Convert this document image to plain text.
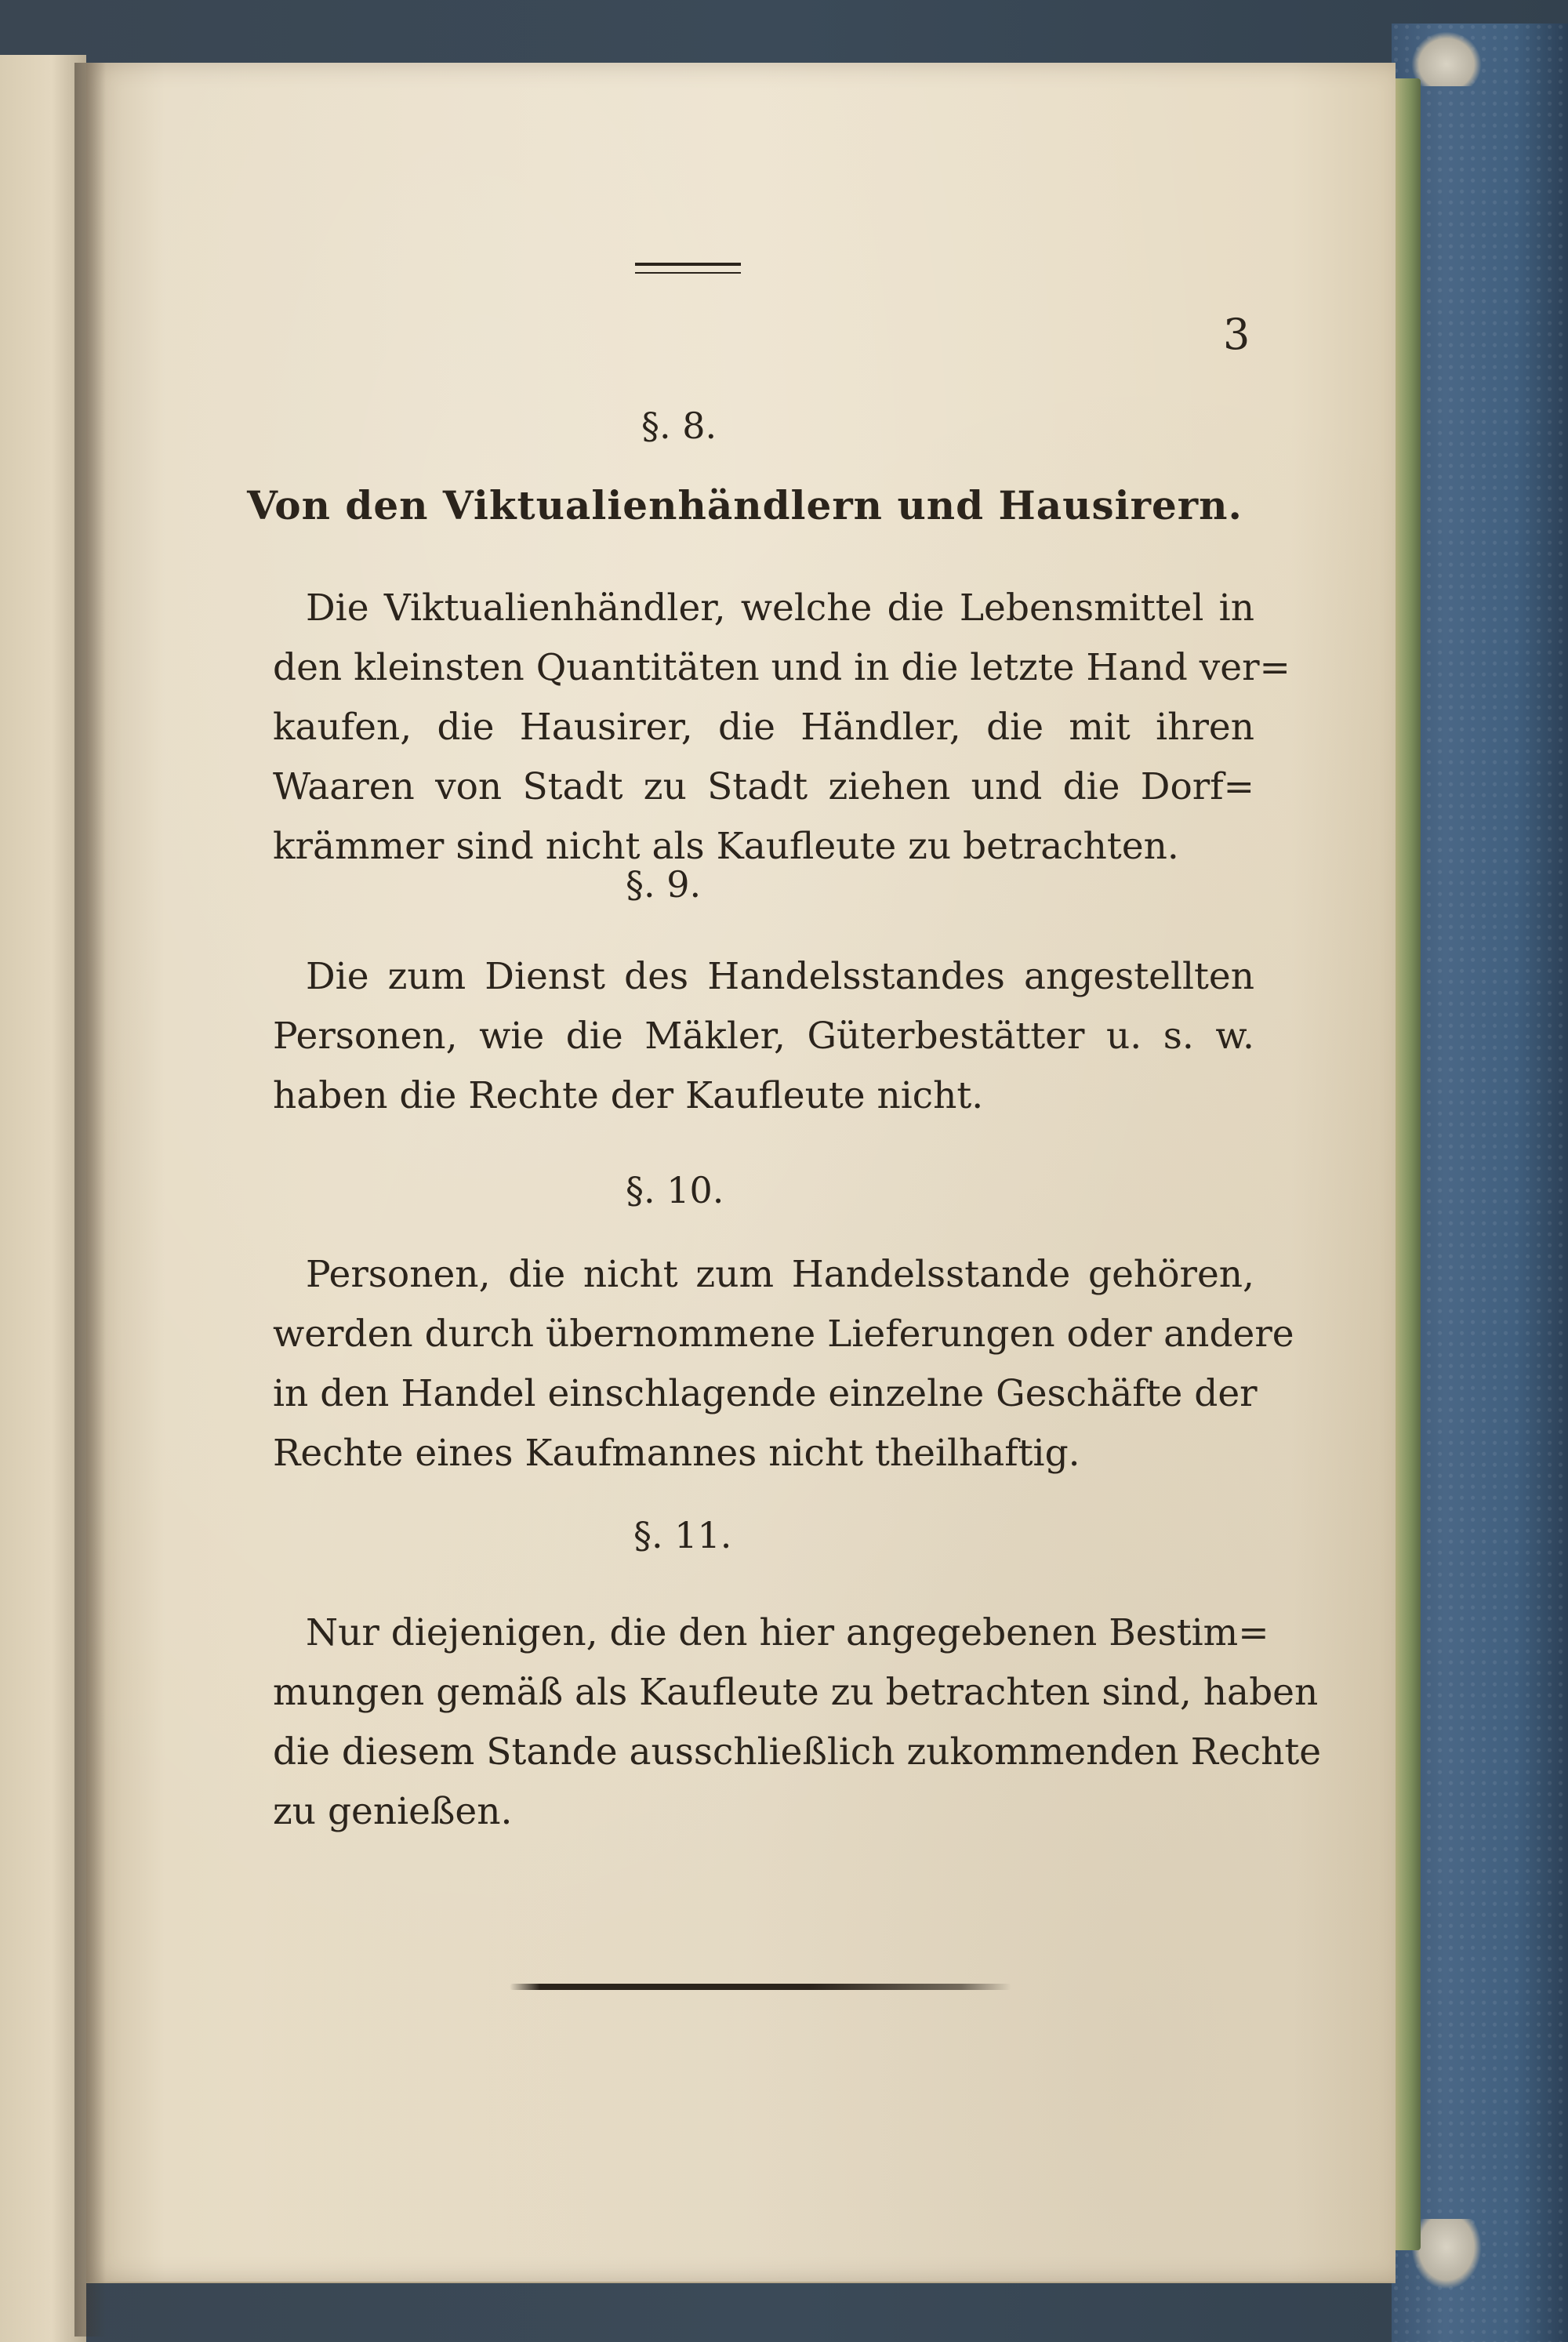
3
§. 8.
Von den Viktualienhändlern und Hausirern.
Die Viktualienhändler, welche die Lebensmittel in
den kleinsten Quantitäten und in die letzte Hand ver=
kaufen, die Hausirer, die Händler, die mit ihren
Waaren von Stadt zu Stadt ziehen und die Dorf=
krämmer sind nicht als Kaufleute zu betrachten.
§. 9.
Die zum Dienst des Handelsstandes angestellten
Personen, wie die Mäkler, Güterbestätter u. s. w.
haben die Rechte der Kaufleute nicht.
§. 10.
Personen, die nicht zum Handelsstande gehören,
werden durch übernommene Lieferungen oder andere
in den Handel einschlagende einzelne Geschäfte der
Rechte eines Kaufmannes nicht theilhaftig.
§. 11.
Nur diejenigen, die den hier angegebenen Bestim=
mungen gemäß als Kaufleute zu betrachten sind, haben
die diesem Stande ausschließlich zukommenden Rechte
zu genießen.
